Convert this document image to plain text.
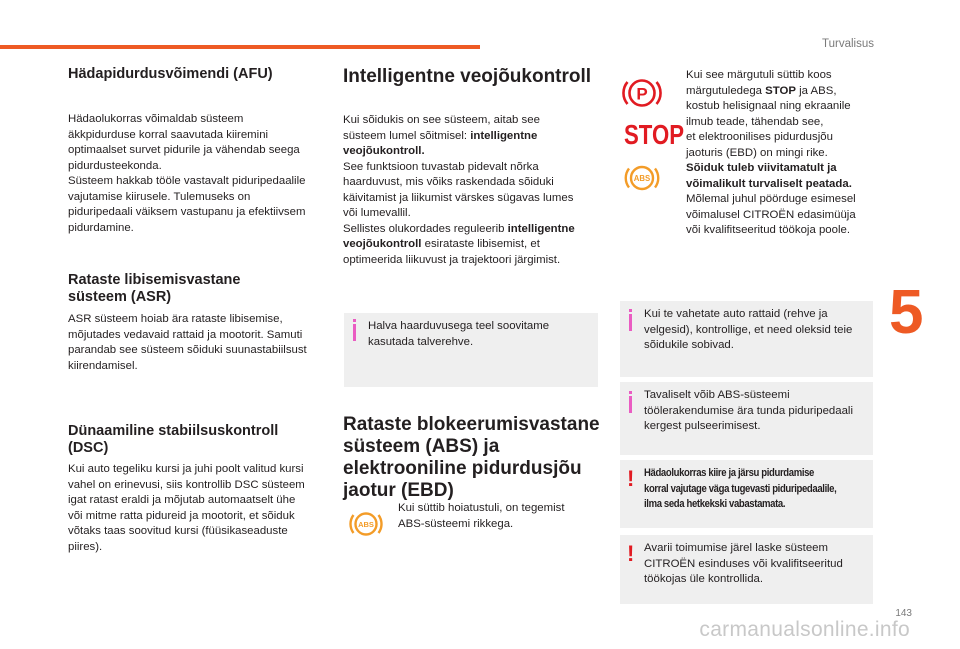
Turvalisus
Hädapidurdusvõimendi (AFU)

Hädaolukorras võimaldab süsteem

äkkpidurduse korral saavutada kiiremini

optimaalset survet pidurile ja vähendab seega

pidurdusteekonda.

Süsteem hakkab tööle vastavalt piduripedaalile

vajutamise kiirusele. Tulemuseks on

piduripedaali väiksem vastupanu ja efektiivsem

pidurdamine.

Rataste libisemisvastane
süsteem (ASR)

ASR süsteem hoiab ära rataste libisemise,

mõjutades vedavaid rattaid ja mootorit. Samuti

parandab see süsteem sõiduki suunastabiilsust

kiirendamisel.

Dünaamiline stabiilsuskontroll
(DSC)

Kui auto tegeliku kursi ja juhi poolt valitud kursi

vahel on erinevusi, siis kontrollib DSC süsteem

igat ratast eraldi ja mõjutab automaatselt ühe

või mitme ratta pidureid ja mootorit, et sõiduk

võtaks taas soovitud kursi (füüsikaseaduste

piires).

Intelligentne veojõukontroll

Kui sõidukis on see süsteem, aitab see

süsteem lumel sõitmisel: intelligentne

veojõukontroll.

See funktsioon tuvastab pidevalt nõrka

haarduvust, mis võiks raskendada sõiduki

käivitamist ja liikumist värskes sügavas lumes

või lumevallil.

Sellistes olukordades reguleerib intelligentne

veojõukontroll esirataste libisemist, et

optimeerida liikuvust ja trajektoori järgimist.

Halva haarduvusega teel soovitame

kasutada talverehve.

Rataste blokeerumisvastane
süsteem (ABS) ja
elektrooniline pidurdusjõu
jaotur (EBD)
ABS

Kui süttib hoiatustuli, on tegemist

ABS-süsteemi rikkega.

P
STOP
ABS

Kui see märgutuli süttib koos

märgutuledega STOP ja ABS,

kostub helisignaal ning ekraanile

ilmub teade, tähendab see,

et elektroonilises pidurdusjõu

jaoturis (EBD) on mingi rike.

Sõiduk tuleb viivitamatult ja

võimalikult turvaliselt peatada.

Mõlemal juhul pöörduge esimesel

võimalusel CITROËN edasimüüja

või kvalifitseeritud töökoja poole.

Kui te vahetate auto rattaid (rehve ja

velgesid), kontrollige, et need oleksid teie

sõidukile sobivad.

Tavaliselt võib ABS-süsteemi

töölerakendumise ära tunda piduripedaali

kergest pulseerimisest.

! Hädaolukorras kiire ja järsu pidurdamise

korral vajutage väga tugevasti piduripedaalile,

ilma seda hetkekski vabastamata.

! Avarii toimumise järel laske süsteem

CITROËN esinduses või kvalifitseeritud

töökojas üle kontrollida.

5
143
carmanualsonline.info
